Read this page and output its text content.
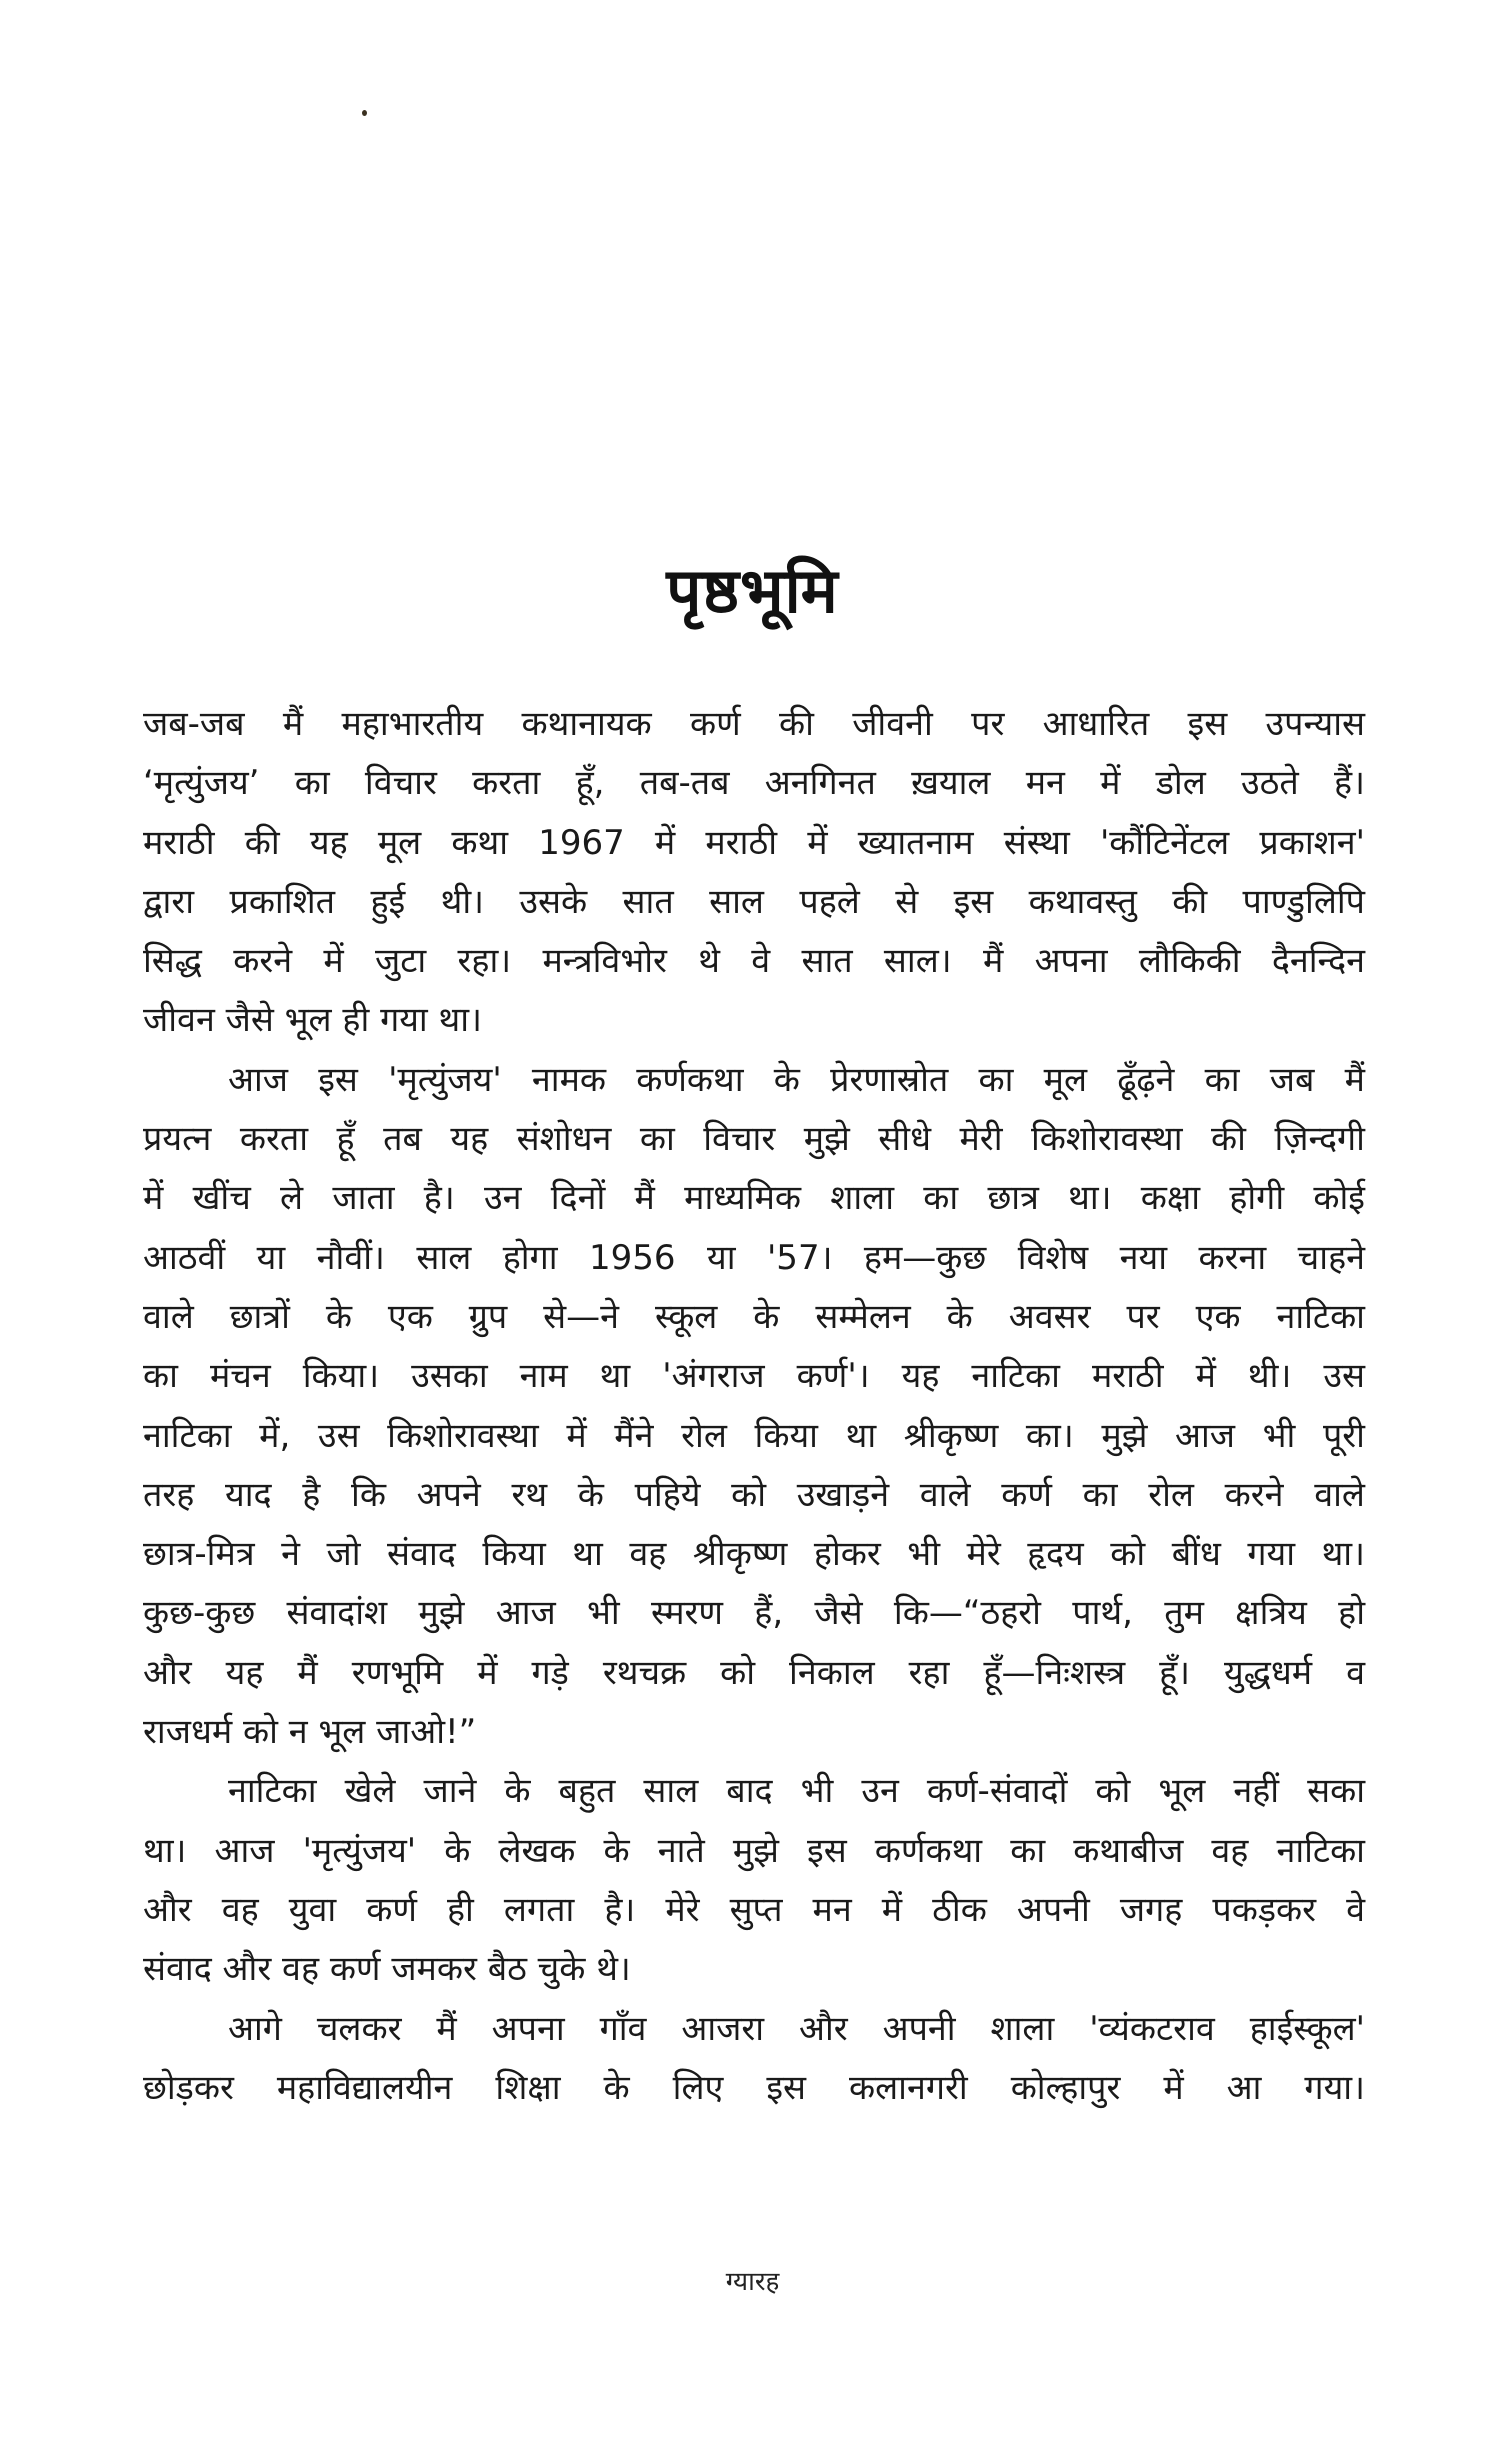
पृष्ठभूमि
जब-जब मैं महाभारतीय कथानायक कर्ण की जीवनी पर आधारित इस उपन्यास
‘मृत्युंजय’ का विचार करता हूँ, तब-तब अनगिनत ख़याल मन में डोल उठते हैं।
मराठी की यह मूल कथा 1967 में मराठी में ख्यातनाम संस्था 'कौंटिनेंटल प्रकाशन'
द्वारा प्रकाशित हुई थी। उसके सात साल पहले से इस कथावस्तु की पाण्डुलिपि
सिद्ध करने में जुटा रहा। मन्त्रविभोर थे वे सात साल। मैं अपना लौकिकी दैनन्दिन
जीवन जैसे भूल ही गया था।
आज इस 'मृत्युंजय' नामक कर्णकथा के प्रेरणास्रोत का मूल ढूँढ़ने का जब मैं
प्रयत्न करता हूँ तब यह संशोधन का विचार मुझे सीधे मेरी किशोरावस्था की ज़िन्दगी
में खींच ले जाता है। उन दिनों मैं माध्यमिक शाला का छात्र था। कक्षा होगी कोई
आठवीं या नौवीं। साल होगा 1956 या '57। हम—कुछ विशेष नया करना चाहने
वाले छात्रों के एक ग्रुप से—ने स्कूल के सम्मेलन के अवसर पर एक नाटिका
का मंचन किया। उसका नाम था 'अंगराज कर्ण'। यह नाटिका मराठी में थी। उस
नाटिका में, उस किशोरावस्था में मैंने रोल किया था श्रीकृष्ण का। मुझे आज भी पूरी
तरह याद है कि अपने रथ के पहिये को उखाड़ने वाले कर्ण का रोल करने वाले
छात्र-मित्र ने जो संवाद किया था वह श्रीकृष्ण होकर भी मेरे हृदय को बींध गया था।
कुछ-कुछ संवादांश मुझे आज भी स्मरण हैं, जैसे कि—“ठहरो पार्थ, तुम क्षत्रिय हो
और यह मैं रणभूमि में गड़े रथचक्र को निकाल रहा हूँ—निःशस्त्र हूँ। युद्धधर्म व
राजधर्म को न भूल जाओ!”
नाटिका खेले जाने के बहुत साल बाद भी उन कर्ण-संवादों को भूल नहीं सका
था। आज 'मृत्युंजय' के लेखक के नाते मुझे इस कर्णकथा का कथाबीज वह नाटिका
और वह युवा कर्ण ही लगता है। मेरे सुप्त मन में ठीक अपनी जगह पकड़कर वे
संवाद और वह कर्ण जमकर बैठ चुके थे।
आगे चलकर मैं अपना गाँव आजरा और अपनी शाला 'व्यंकटराव हाईस्कूल'
छोड़कर महाविद्यालयीन शिक्षा के लिए इस कलानगरी कोल्हापुर में आ गया।
ग्यारह
